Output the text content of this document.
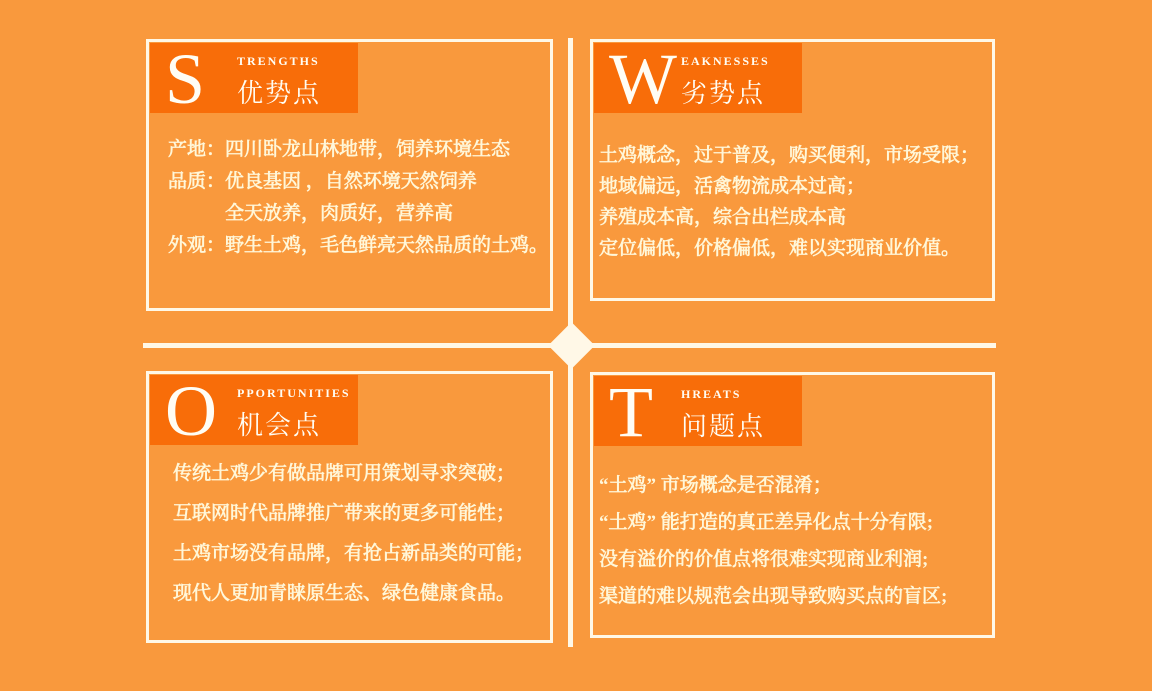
S	TRENGTHS
优势点
产地：四川卧龙山林地带，饲养环境生态
品质：优良基因 ，自然环境天然饲养
　　　全天放养，肉质好，营养高
外观：野生土鸡，毛色鲜亮天然品质的土鸡。
W EAKNESSES
劣势点
土鸡概念，过于普及，购买便利，市场受限；
地域偏远，活禽物流成本过高；
养殖成本高，综合出栏成本高
定位偏低，价格偏低，难以实现商业价值。
O	PPORTUNITIES
机会点
传统土鸡少有做品牌可用策划寻求突破；
互联网时代品牌推广带来的更多可能性；
土鸡市场没有品牌，有抢占新品类的可能；
现代人更加青睐原生态、绿色健康食品。
T	HREATS
问题点
“土鸡” 市场概念是否混淆；
“土鸡” 能打造的真正差异化点十分有限;
没有溢价的价值点将很难实现商业利润;
渠道的难以规范会出现导致购买点的盲区;
